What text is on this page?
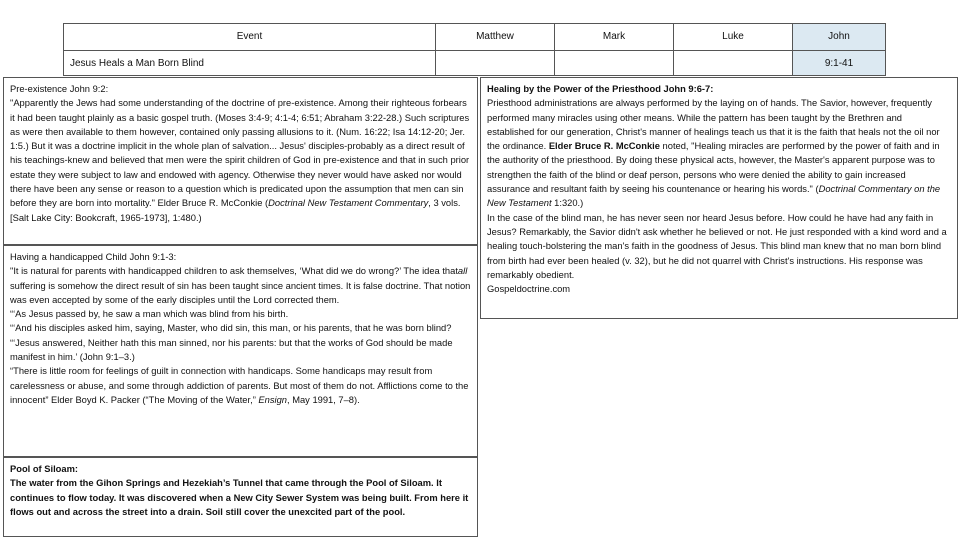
Event	Matthew	Mark	Luke	John
Jesus Heals a Man Born Blind				9:1-41

Pre-existence John 9:2:

"Apparently the Jews had some understanding of the doctrine of pre-existence. Among their righteous forbears it had been taught plainly as a basic gospel truth. (Moses 3:4-9; 4:1-4; 6:51; Abraham 3:22-28.) Such scriptures as were then available to them however, contained only passing allusions to it. (Num. 16:22; Isa 14:12-20; Jer. 1:5.) But it was a doctrine implicit in the whole plan of salvation... Jesus' disciples-probably as a direct result of his teachings-knew and believed that men were the spirit children of God in pre-existence and that in such prior estate they were subject to law and endowed with agency. Otherwise they never would have asked nor would there have been any sense or reason to a question which is predicated upon the assumption that men can sin before they are born into mortality." Elder Bruce R. McConkie (Doctrinal New Testament Commentary, 3 vols. [Salt Lake City: Bookcraft, 1965-1973], 1:480.)

Having a handicapped Child John 9:1-3:

"It is natural for parents with handicapped children to ask themselves, ‘What did we do wrong?’ The idea thatall suffering is somehow the direct result of sin has been taught since ancient times. It is false doctrine. That notion was even accepted by some of the early disciples until the Lord corrected them.

“‘As Jesus passed by, he saw a man which was blind from his birth.

“‘And his disciples asked him, saying, Master, who did sin, this man, or his parents, that he was born blind?

“‘Jesus answered, Neither hath this man sinned, nor his parents: but that the works of God should be made manifest in him.’ (John 9:1–3.)

“There is little room for feelings of guilt in connection with handicaps. Some handicaps may result from carelessness or abuse, and some through addiction of parents. But most of them do not. Afflictions come to the innocent” Elder Boyd K. Packer (“The Moving of the Water,” Ensign, May 1991, 7–8).

Pool of Siloam:

The water from the Gihon Springs and Hezekiah’s Tunnel that came through the Pool of Siloam. It continues to flow today. It was discovered when a New City Sewer System was being built. From here it flows out and across the street into a drain. Soil still cover the unexcited part of the pool.

Healing by the Power of the Priesthood John 9:6-7:

Priesthood administrations are always performed by the laying on of hands. The Savior, however, frequently performed many miracles using other means. While the pattern has been taught by the Brethren and established for our generation, Christ's manner of healings teach us that it is the faith that heals not the oil nor the ordinance. Elder Bruce R. McConkie noted, "Healing miracles are performed by the power of faith and in the authority of the priesthood. By doing these physical acts, however, the Master's apparent purpose was to strengthen the faith of the blind or deaf person, persons who were denied the ability to gain increased assurance and resultant faith by seeing his countenance or hearing his words." (Doctrinal Commentary on the New Testament 1:320.)

In the case of the blind man, he has never seen nor heard Jesus before. How could he have had any faith in Jesus? Remarkably, the Savior didn't ask whether he believed or not. He just responded with a kind word and a healing touch-bolstering the man's faith in the goodness of Jesus. This blind man knew that no man born blind from birth had ever been healed (v. 32), but he did not quarrel with Christ's instructions. His response was remarkably obedient.

Gospeldoctrine.com
